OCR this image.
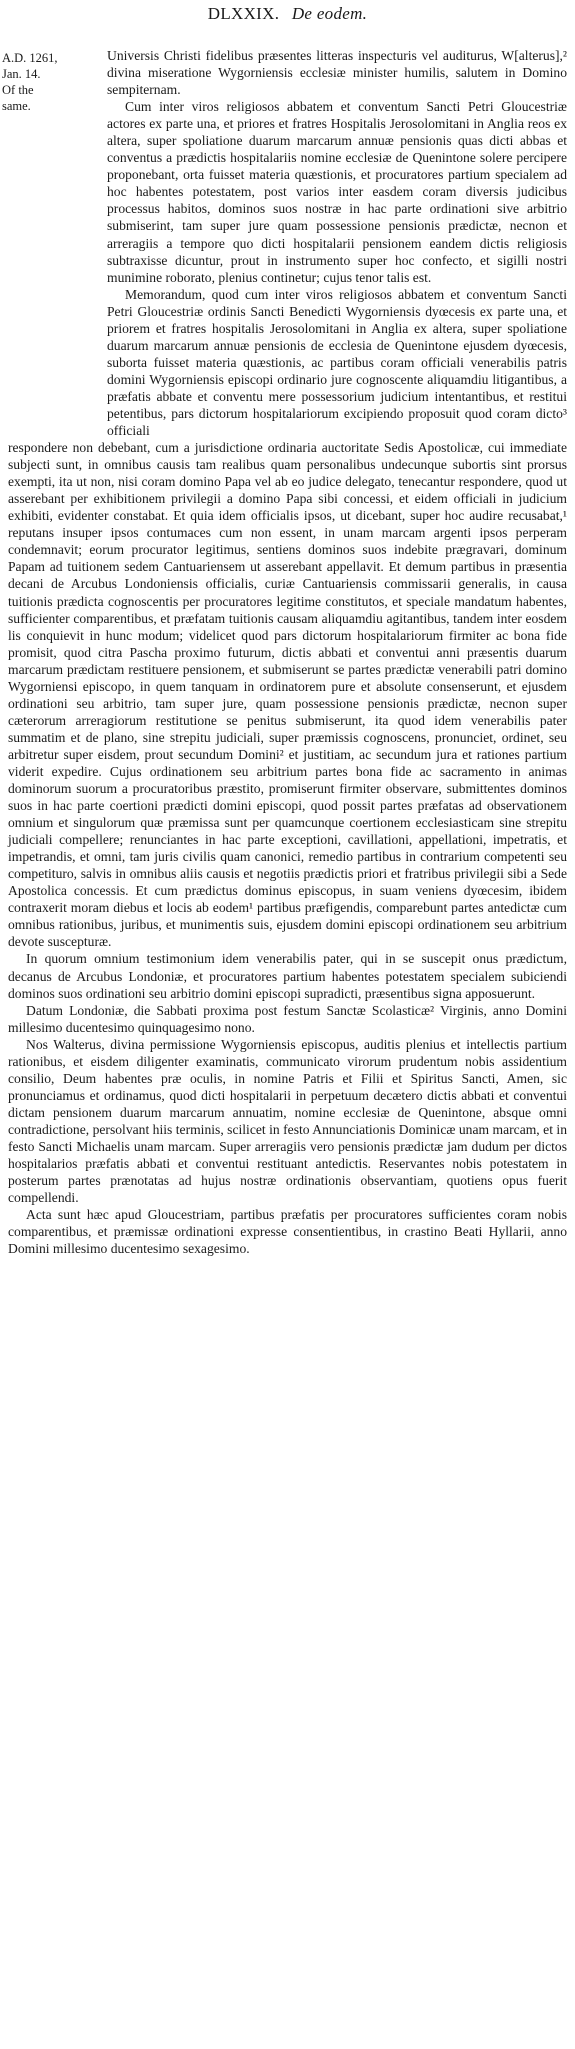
DLXXIX. De eodem.
A.D. 1261,
Jan. 14.
Of the
same.

Universis Christi fidelibus præsentes litteras inspecturis vel auditurus, W[alterus],² divina miseratione Wygorniensis ecclesiæ minister humilis, salutem in Domino sempiternam.

Cum inter viros religiosos abbatem et conventum Sancti Petri Gloucestriæ actores ex parte una, et priores et fratres Hospitalis Jerosolomitani in Anglia reos ex altera, super spoliatione duarum marcarum annuæ pensionis quas dicti abbas et conventus a prædictis hospitalariis nomine ecclesiæ de Quenintone solere percipere proponebant, orta fuisset materia quæstionis, et procuratores partium specialem ad hoc habentes potestatem, post varios inter easdem coram diversis judicibus processus habitos, dominos suos nostræ in hac parte ordinationi sive arbitrio submiserint, tam super jure quam possessione pensionis prædictæ, necnon et arreragiis a tempore quo dicti hospitalarii pensionem eandem dictis religiosis subtraxisse dicuntur, prout in instrumento super hoc confecto, et sigilli nostri munimine roborato, plenius continetur; cujus tenor talis est.

Memorandum, quod cum inter viros religiosos abbatem et conventum Sancti Petri Gloucestriæ ordinis Sancti Benedicti Wygorniensis dyœcesis ex parte una, et priorem et fratres hospitalis Jerosolomitani in Anglia ex altera, super spoliatione duarum marcarum annuæ pensionis de ecclesia de Quenintone ejusdem dyœcesis, suborta fuisset materia quæstionis, ac partibus coram officiali venerabilis patris domini Wygorniensis episcopi ordinario jure cognoscente aliquamdiu litigantibus, a præfatis abbate et conventu mere possessorium judicium intentantibus, et restitui petentibus, pars dictorum hospitalariorum excipiendo proposuit quod coram dicto³ officiali

respondere non debebant, cum a jurisdictione ordinaria auctoritate Sedis Apostolicæ, cui immediate subjecti sunt, in omnibus causis tam realibus quam personalibus undecunque subortis sint prorsus exempti, ita ut non, nisi coram domino Papa vel ab eo judice delegato, tenecantur respondere, quod ut asserebant per exhibitionem privilegii a domino Papa sibi concessi, et eidem officiali in judicium exhibiti, evidenter constabat. Et quia idem officialis ipsos, ut dicebant, super hoc audire recusabat,¹ reputans insuper ipsos contumaces cum non essent, in unam marcam argenti ipsos perperam condemnavit; eorum procurator legitimus, sentiens dominos suos indebite prægravari, dominum Papam ad tuitionem sedem Cantuariensem ut asserebant appellavit. Et demum partibus in præsentia decani de Arcubus Londoniensis officialis, curiæ Cantuariensis commissarii generalis, in causa tuitionis prædicta cognoscentis per procuratores legitime constitutos, et speciale mandatum habentes, sufficienter comparentibus, et præfatam tuitionis causam aliquamdiu agitantibus, tandem inter eosdem lis conquievit in hunc modum; videlicet quod pars dictorum hospitalariorum firmiter ac bona fide promisit, quod citra Pascha proximo futurum, dictis abbati et conventui anni præsentis duarum marcarum prædictam restituere pensionem, et submiserunt se partes prædictæ venerabili patri domino Wygorniensi episcopo, in quem tanquam in ordinatorem pure et absolute consenserunt, et ejusdem ordinationi seu arbitrio, tam super jure, quam possessione pensionis prædictæ, necnon super cæterorum arreragiorum restitutione se penitus submiserunt, ita quod idem venerabilis pater summatim et de plano, sine strepitu judiciali, super præmissis cognoscens, pronunciet, ordinet, seu arbitretur super eisdem, prout secundum Domini² et justitiam, ac secundum jura et rationes partium viderit expedire. Cujus ordinationem seu arbitrium partes bona fide ac sacramento in animas dominorum suorum a procuratoribus præstito, promiserunt firmiter observare, submittentes dominos suos in hac parte coertioni prædicti domini episcopi, quod possit partes præfatas ad observationem omnium et singulorum quæ præmissa sunt per quamcunque coertionem ecclesiasticam sine strepitu judiciali compellere; renunciantes in hac parte exceptioni, cavillationi, appellationi, impetratis, et impetrandis, et omni, tam juris civilis quam canonici, remedio partibus in contrarium competenti seu competituro, salvis in omnibus aliis causis et negotiis prædictis priori et fratribus privilegii sibi a Sede Apostolica concessis. Et cum prædictus dominus episcopus, in suam veniens dyœcesim, ibidem contraxerit moram diebus et locis ab eodem¹ partibus præfigendis, comparebunt partes antedictæ cum omnibus rationibus, juribus, et munimentis suis, ejusdem domini episcopi ordinationem seu arbitrium devote suscepturæ.

In quorum omnium testimonium idem venerabilis pater, qui in se suscepit onus prædictum, decanus de Arcubus Londoniæ, et procuratores partium habentes potestatem specialem subiciendi dominos suos ordinationi seu arbitrio domini episcopi supradicti, præsentibus signa apposuerunt.

Datum Londoniæ, die Sabbati proxima post festum Sanctæ Scolasticæ² Virginis, anno Domini millesimo ducentesimo quinquagesimo nono.

Nos Walterus, divina permissione Wygorniensis episcopus, auditis plenius et intellectis partium rationibus, et eisdem diligenter examinatis, communicato virorum prudentum nobis assidentium consilio, Deum habentes præ oculis, in nomine Patris et Filii et Spiritus Sancti, Amen, sic pronunciamus et ordinamus, quod dicti hospitalarii in perpetuum decætero dictis abbati et conventui dictam pensionem duarum marcarum annuatim, nomine ecclesiæ de Quenintone, absque omni contradictione, persolvant hiis terminis, scilicet in festo Annunciationis Dominicæ unam marcam, et in festo Sancti Michaelis unam marcam. Super arreragiis vero pensionis prædictæ jam dudum per dictos hospitalarios præfatis abbati et conventui restituant antedictis. Reservantes nobis potestatem in posterum partes prænotatas ad hujus nostræ ordinationis observantiam, quotiens opus fuerit compellendi.

Acta sunt hæc apud Gloucestriam, partibus præfatis per procuratores sufficientes coram nobis comparentibus, et præmissæ ordinationi expresse consentientibus, in crastino Beati Hyllarii, anno Domini millesimo ducentesimo sexagesimo.
